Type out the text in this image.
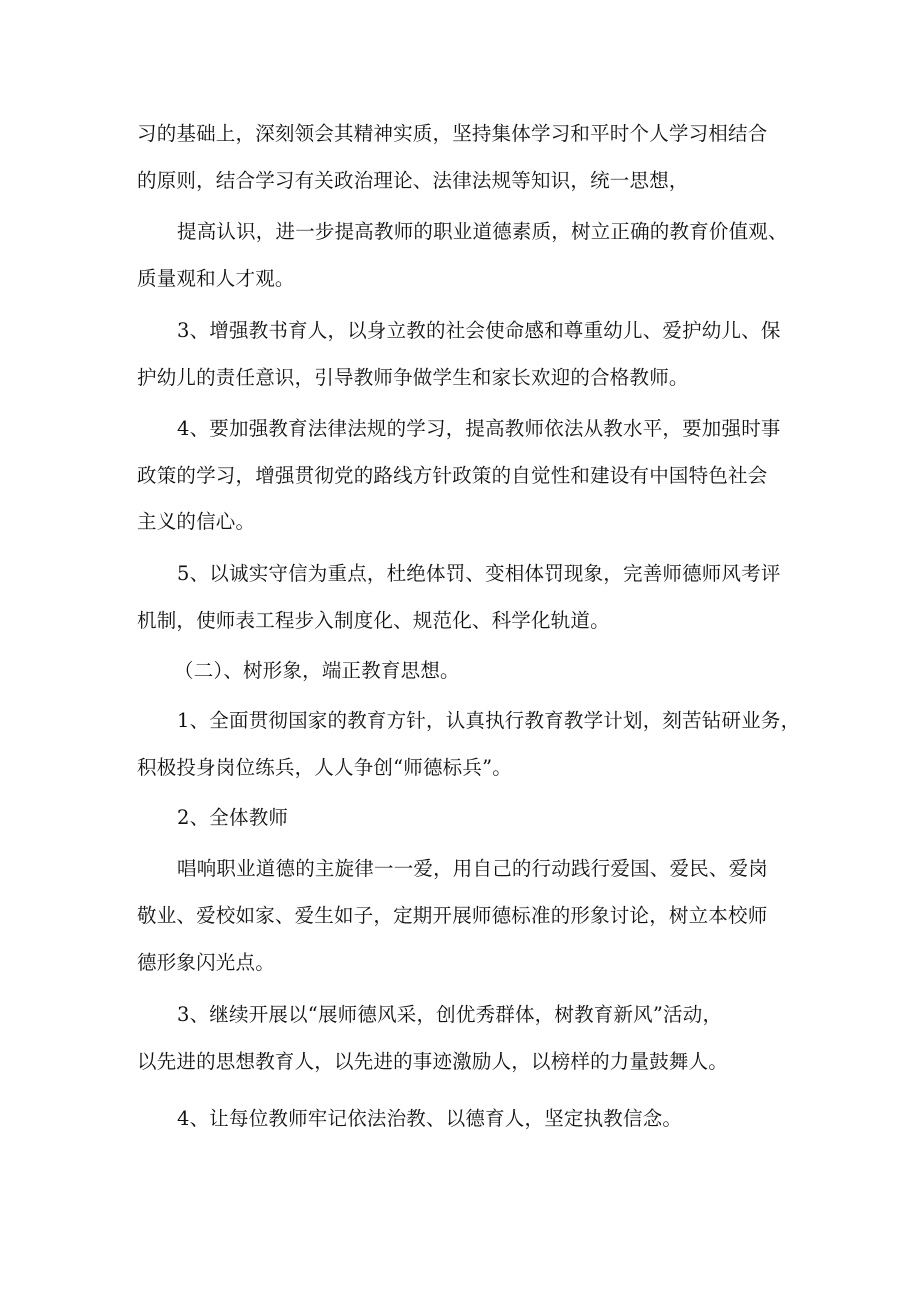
习的基础上，深刻领会其精神实质，坚持集体学习和平时个人学习相结合
的原则，结合学习有关政治理论、法律法规等知识，统一思想，
提高认识，进一步提高教师的职业道德素质，树立正确的教育价值观、
质量观和人才观。
3、增强教书育人，以身立教的社会使命感和尊重幼儿、爱护幼儿、保
护幼儿的责任意识，引导教师争做学生和家长欢迎的合格教师。
4、要加强教育法律法规的学习，提高教师依法从教水平，要加强时事
政策的学习，增强贯彻党的路线方针政策的自觉性和建设有中国特色社会
主义的信心。
5、以诚实守信为重点，杜绝体罚、变相体罚现象，完善师德师风考评
机制，使师表工程步入制度化、规范化、科学化轨道。
（二）、树形象，端正教育思想。
1、全面贯彻国家的教育方针，认真执行教育教学计划，刻苦钻研业务，
积极投身岗位练兵，人人争创“师德标兵”。
2、全体教师
唱响职业道德的主旋律一一爱，用自己的行动践行爱国、爱民、爱岗
敬业、爱校如家、爱生如子，定期开展师德标准的形象讨论，树立本校师
德形象闪光点。
3、继续开展以“展师德风采，创优秀群体，树教育新风”活动，
以先进的思想教育人，以先进的事迹激励人，以榜样的力量鼓舞人。
4、让每位教师牢记依法治教、以德育人，坚定执教信念。
